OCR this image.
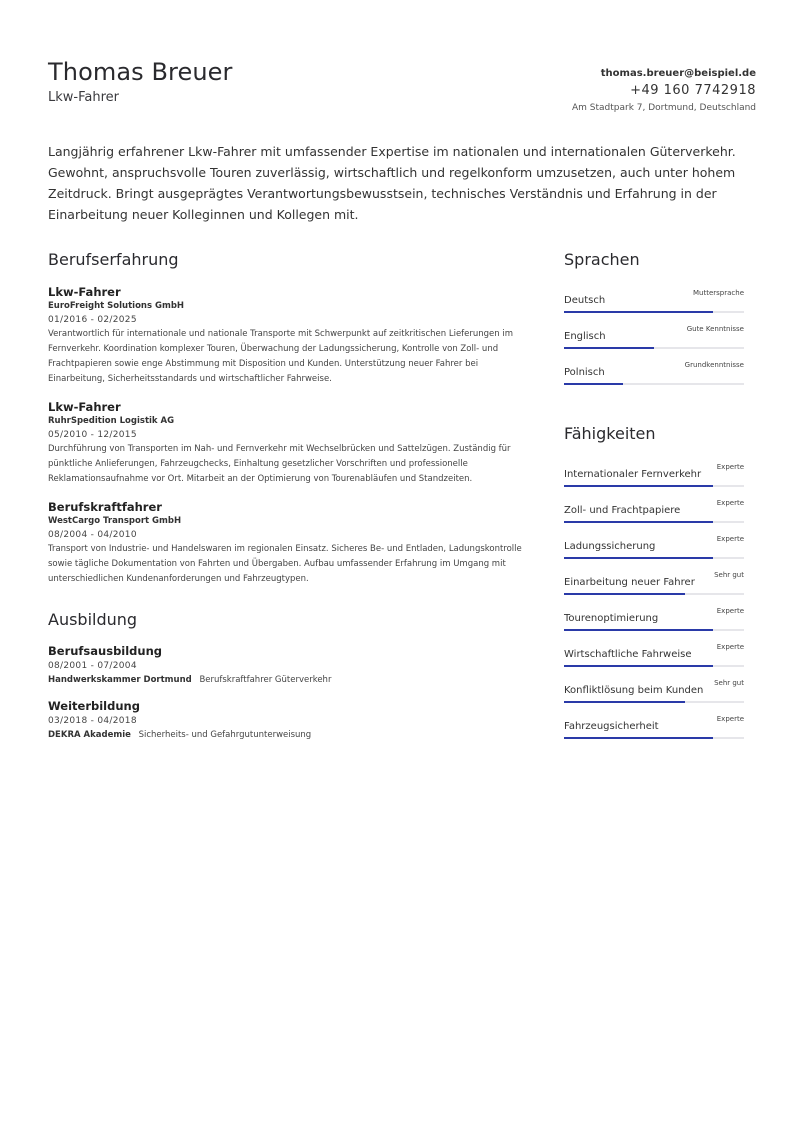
Thomas Breuer
Lkw-Fahrer
thomas.breuer@beispiel.de
+49 160 7742918
Am Stadtpark 7, Dortmund, Deutschland

Langjährig erfahrener Lkw-Fahrer mit umfassender Expertise im nationalen und internationalen Güterverkehr. Gewohnt, anspruchsvolle Touren zuverlässig, wirtschaftlich und regelkonform umzusetzen, auch unter hohem Zeitdruck. Bringt ausgeprägtes Verantwortungsbewusstsein, technisches Verständnis und Erfahrung in der Einarbeitung neuer Kolleginnen und Kollegen mit.

Berufserfahrung
Lkw-Fahrer
EuroFreight Solutions GmbH
01/2016 - 02/2025

Verantwortlich für internationale und nationale Transporte mit Schwerpunkt auf zeitkritischen Lieferungen im Fernverkehr. Koordination komplexer Touren, Überwachung der Ladungssicherung, Kontrolle von Zoll- und Frachtpapieren sowie enge Abstimmung mit Disposition und Kunden. Unterstützung neuer Fahrer bei Einarbeitung, Sicherheitsstandards und wirtschaftlicher Fahrweise.

Lkw-Fahrer
RuhrSpedition Logistik AG
05/2010 - 12/2015

Durchführung von Transporten im Nah- und Fernverkehr mit Wechselbrücken und Sattelzügen. Zuständig für pünktliche Anlieferungen, Fahrzeugchecks, Einhaltung gesetzlicher Vorschriften und professionelle Reklamationsaufnahme vor Ort. Mitarbeit an der Optimierung von Tourenabläufen und Standzeiten.

Berufskraftfahrer
WestCargo Transport GmbH
08/2004 - 04/2010

Transport von Industrie- und Handelswaren im regionalen Einsatz. Sicheres Be- und Entladen, Ladungskontrolle sowie tägliche Dokumentation von Fahrten und Übergaben. Aufbau umfassender Erfahrung im Umgang mit unterschiedlichen Kundenanforderungen und Fahrzeugtypen.

Ausbildung
Berufsausbildung
08/2001 - 07/2004
Handwerkskammer Dortmund Berufskraftfahrer Güterverkehr
Weiterbildung
03/2018 - 04/2018
DEKRA Akademie Sicherheits- und Gefahrgutunterweisung
Sprachen
Deutsch
Muttersprache
Englisch
Gute Kenntnisse
Polnisch
Grundkenntnisse
Fähigkeiten
Internationaler Fernverkehr
Experte
Zoll- und Frachtpapiere
Experte
Ladungssicherung
Experte
Einarbeitung neuer Fahrer
Sehr gut
Tourenoptimierung
Experte
Wirtschaftliche Fahrweise
Experte
Konfliktlösung beim Kunden
Sehr gut
Fahrzeugsicherheit
Experte
